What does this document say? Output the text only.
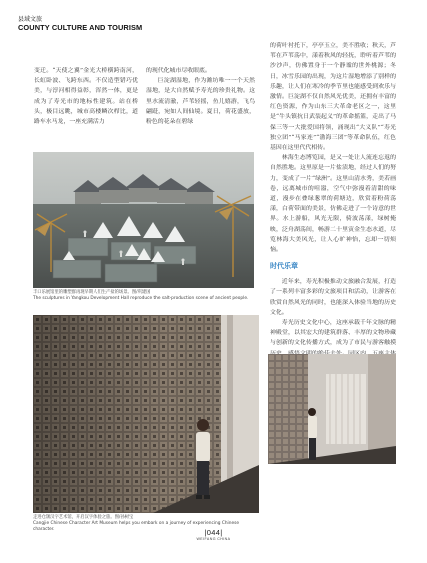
县域文旅
COUNTY CULTURE AND TOURISM

变迁。“天使之翼”金光大桥横跨南河，长虹卧波、飞跨东西。不仅造型错巧优美，与淳河相得益彰，浑然一体，更是成为了寿光市的地标性建筑。站在桥头，极目远眺，城市高楼鳞次栉比，道路车水马龙，一座充满活力

的现代化城市尽收眼底。

巨淀湖湿地，作为潍坊唯一一个天然湿地，是大自然赋予寿光的珍贵礼物。这里水流清澈，芦苇轻摇，鱼儿嬉游，飞鸟翩跹，宛如人间仙境。夏日，荷花盛放，粉色的花朵在碧绿

的荷叶衬托下，亭亭玉立，美不胜收；秋天，芦苇在芦苇荡中，漾着秋风的轻抚，聆听着芦苇的沙沙声，仿佛置身于一个静谧的世外桃源；冬日，冰雪乐园的出现，为这片湿地增添了别样的乐趣，让人们在寒冷的季节里也能感受到欢乐与激情。巨淀湖不仅自然风光优美，还拥有丰富的红色资源，作为山东三大革命老区之一，这里是“牛头镇抗日武装起义”的革命摇篮，走出了马保三等一大批爱国将领，涌现出“大义队”“寿光独立团”“马家连”“渤海三团”等革命队伍，红色基因在这里代代相传。

林海生态博览园，是又一处让人流连忘返的自然胜地。这里原是一片盐渍地，经过人们的努力，变成了一片“绿洲”。这里山清水秀，美若画卷，远离城市的喧嚣，空气中弥漫着清甜的味道，漫步在叠绿葱翠的荷塘边，欣赏着粉荷荡漾，白荷带面的美景，仿佛走进了一个诗意的世界。水上游船，风光无限，骑波荡漾，绿树掩映，泛舟湖荡间，畅游二十里寅金生态水道，尽览林海大美风光，让人心旷神怡，忘却一切烦恼。

时代乐章

近年来，寿光积极推动文旅融合发展，打造了一系列丰富多彩的文旅项目和活动，让游客在欣赏自然风光的同时，也能深入体验当地的历史文化。

寿光历史文化中心，这座承载千年文脉的精神殿堂，以其宏大的建筑群落、丰厚的文物珍藏与创新的文化传播方式，成为了市民与游客触摸

丰口乐展馆里的雕塑群再现早期人们生产盐的场景。图/巩建国
The sculptures in Yangkou Development Hall reproduce the salt-production scene of ancient people.
走进仓颉汉字艺术馆，开启汉字体验之旅。图/孙树宝
Cangjie Chinese Character Art Museum helps you embark on a journey of experiencing Chinese character.	|044|
WEIFANG CHINA
